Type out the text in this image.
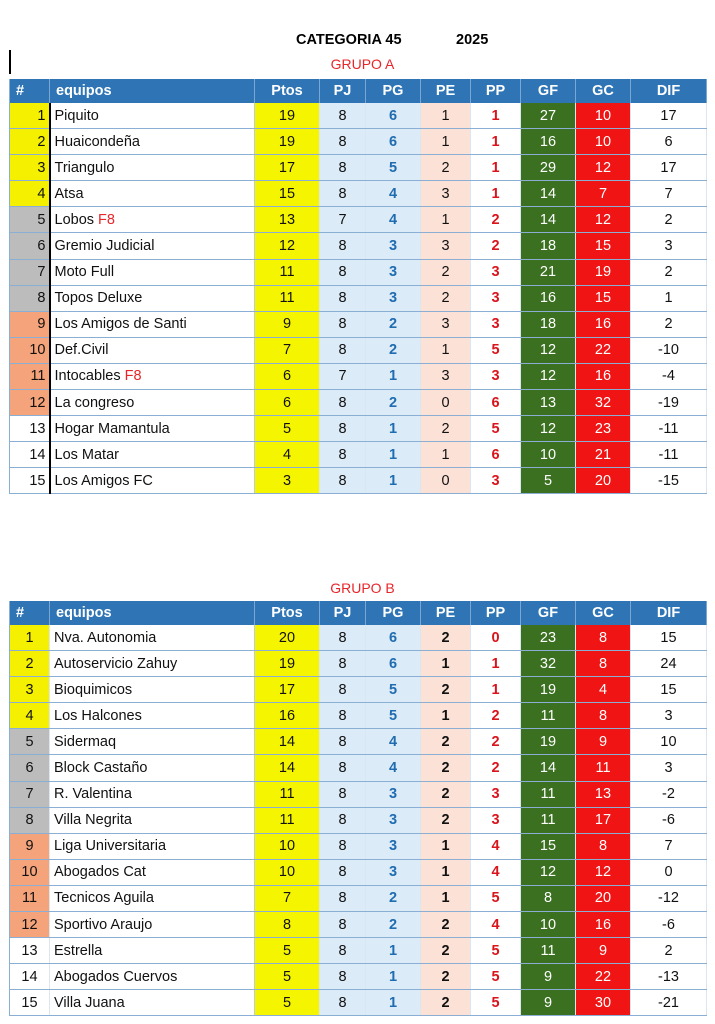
CATEGORIA 45	2025
GRUPO A
#	equipos	Ptos	PJ	PG	PE	PP	GF	GC	DIF
1	Piquito	19	8	6	1	1	27	10	17
2	Huaicondeña	19	8	6	1	1	16	10	6
3	Triangulo	17	8	5	2	1	29	12	17
4	Atsa	15	8	4	3	1	14	7	7
5	Lobos F8	13	7	4	1	2	14	12	2
6	Gremio Judicial	12	8	3	3	2	18	15	3
7	Moto Full	11	8	3	2	3	21	19	2
8	Topos Deluxe	11	8	3	2	3	16	15	1
9	Los Amigos de Santi	9	8	2	3	3	18	16	2
10	Def.Civil	7	8	2	1	5	12	22	-10
11	Intocables F8	6	7	1	3	3	12	16	-4
12	La congreso	6	8	2	0	6	13	32	-19
13	Hogar Mamantula	5	8	1	2	5	12	23	-11
14	Los Matar	4	8	1	1	6	10	21	-11
15	Los Amigos FC	3	8	1	0	3	5	20	-15
GRUPO B
#	equipos	Ptos	PJ	PG	PE	PP	GF	GC	DIF
1	Nva. Autonomia	20	8	6	2	0	23	8	15
2	Autoservicio Zahuy	19	8	6	1	1	32	8	24
3	Bioquimicos	17	8	5	2	1	19	4	15
4	Los Halcones	16	8	5	1	2	11	8	3
5	Sidermaq	14	8	4	2	2	19	9	10
6	Block Castaño	14	8	4	2	2	14	11	3
7	R. Valentina	11	8	3	2	3	11	13	-2
8	Villa Negrita	11	8	3	2	3	11	17	-6
9	Liga Universitaria	10	8	3	1	4	15	8	7
10	Abogados Cat	10	8	3	1	4	12	12	0
11	Tecnicos Aguila	7	8	2	1	5	8	20	-12
12	Sportivo Araujo	8	8	2	2	4	10	16	-6
13	Estrella	5	8	1	2	5	11	9	2
14	Abogados Cuervos	5	8	1	2	5	9	22	-13
15	Villa Juana	5	8	1	2	5	9	30	-21
